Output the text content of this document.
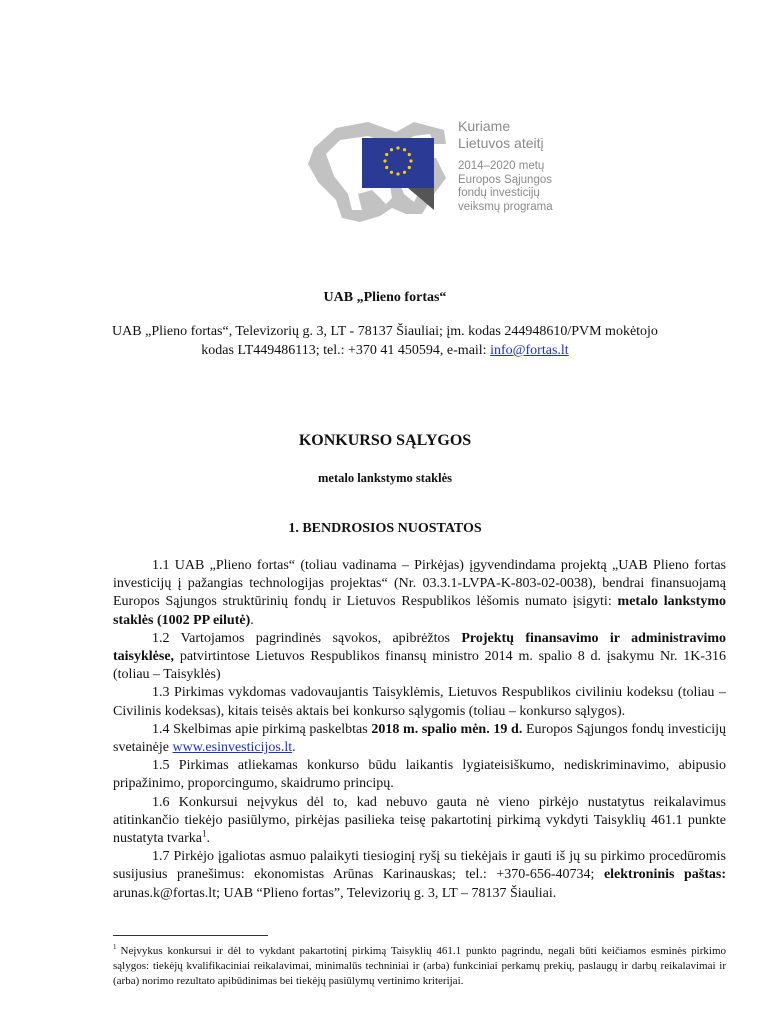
Kuriame
Lietuvos ateitį
2014–2020 metų
Europos Sąjungos
fondų investicijų
veiksmų programa
UAB „Plieno fortas“
UAB „Plieno fortas“, Televizorių g. 3, LT - 78137 Šiauliai; įm. kodas 244948610/PVM mokėtojo kodas LT449486113; tel.: +370 41 450594, e-mail: info@fortas.lt
KONKURSO SĄLYGOS
metalo lankstymo staklės
1. BENDROSIOS NUOSTATOS

1.1 UAB „Plieno fortas“ (toliau vadinama – Pirkėjas) įgyvendindama projektą „UAB Plieno fortas investicijų į pažangias technologijas projektas“ (Nr. 03.3.1-LVPA-K-803-02-0038), bendrai finansuojamą Europos Sąjungos struktūrinių fondų ir Lietuvos Respublikos lėšomis numato įsigyti: metalo lankstymo staklės (1002 PP eilutė).

1.2 Vartojamos pagrindinės sąvokos, apibrėžtos Projektų finansavimo ir administravimo taisyklėse, patvirtintose Lietuvos Respublikos finansų ministro 2014 m. spalio 8 d. įsakymu Nr. 1K-316 (toliau – Taisyklės)

1.3 Pirkimas vykdomas vadovaujantis Taisyklėmis, Lietuvos Respublikos civiliniu kodeksu (toliau – Civilinis kodeksas), kitais teisės aktais bei konkurso sąlygomis (toliau – konkurso sąlygos).

1.4 Skelbimas apie pirkimą paskelbtas 2018 m. spalio mėn. 19 d. Europos Sąjungos fondų investicijų svetainėje www.esinvesticijos.lt.

1.5 Pirkimas atliekamas konkurso būdu laikantis lygiateisiškumo, nediskriminavimo, abipusio pripažinimo, proporcingumo, skaidrumo principų.

1.6 Konkursui neįvykus dėl to, kad nebuvo gauta nė vieno pirkėjo nustatytus reikalavimus atitinkančio tiekėjo pasiūlymo, pirkėjas pasilieka teisę pakartotinį pirkimą vykdyti Taisyklių 461.1 punkte nustatyta tvarka$^1$.

1.7 Pirkėjo įgaliotas asmuo palaikyti tiesioginį ryšį su tiekėjais ir gauti iš jų su pirkimo procedūromis susijusius pranešimus: ekonomistas Arūnas Karinauskas; tel.: +370-656-40734; elektroninis paštas: arunas.k@fortas.lt; UAB “Plieno fortas”, Televizorių g. 3, LT – 78137 Šiauliai.

$^1$ Neįvykus konkursui ir dėl to vykdant pakartotinį pirkimą Taisyklių 461.1 punkto pagrindu, negali būti keičiamos esminės pirkimo sąlygos: tiekėjų kvalifikaciniai reikalavimai, minimalūs techniniai ir (arba) funkciniai perkamų prekių, paslaugų ir darbų reikalavimai ir (arba) norimo rezultato apibūdinimas bei tiekėjų pasiūlymų vertinimo kriterijai.
